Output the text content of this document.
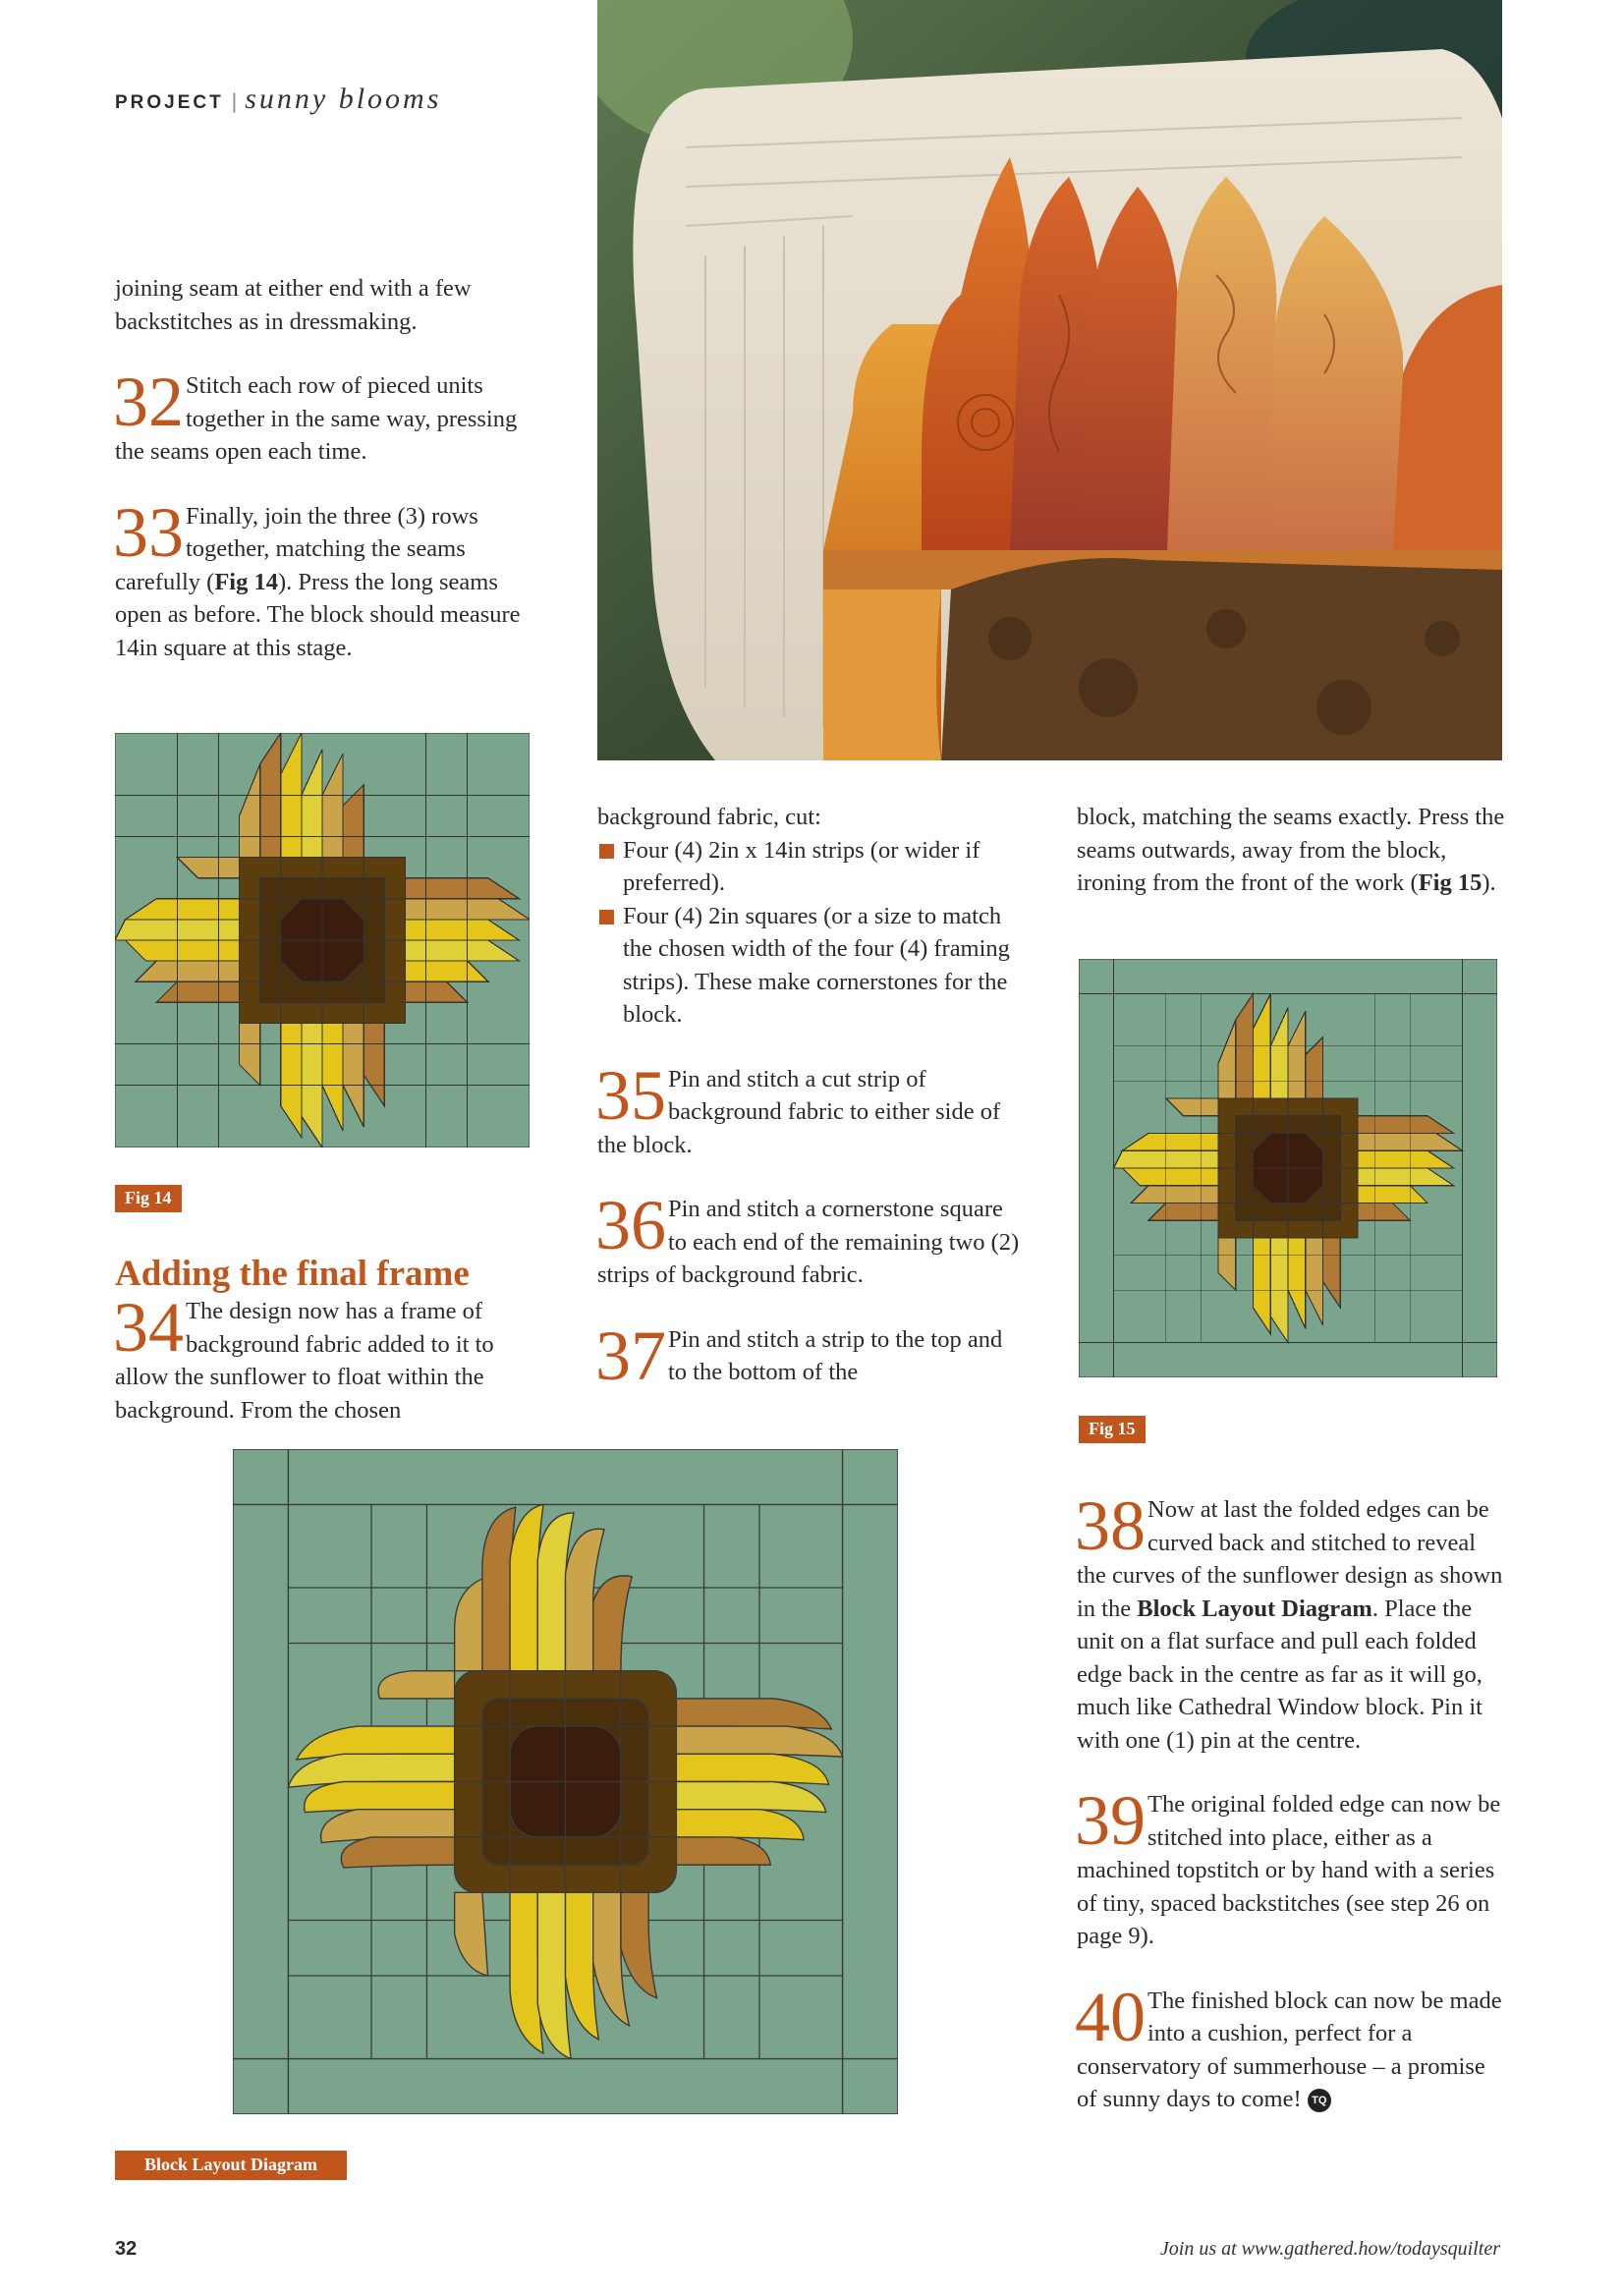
PROJECT | sunny blooms

joining seam at either end with a few backstitches as in dressmaking.

32 Stitch each row of pieced units together in the same way, pressing the seams open each time.

33 Finally, join the three (3) rows together, matching the seams carefully (Fig 14). Press the long seams open as before. The block should measure 14in square at this stage.

Fig 14
Adding the final frame
34 The design now has a frame of background fabric added to it to allow the sunflower to float within the background. From the chosen

background fabric, cut:

Four (4) 2in x 14in strips (or wider if preferred).
Four (4) 2in squares (or a size to match the chosen width of the four (4) framing strips). These make cornerstones for the block.
35 Pin and stitch a cut strip of background fabric to either side of the block.

36 Pin and stitch a cornerstone square to each end of the remaining two (2) strips of background fabric.

37 Pin and stitch a strip to the top and to the bottom of the

block, matching the seams exactly. Press the seams outwards, away from the block, ironing from the front of the work (Fig 15).

Fig 15
38 Now at last the folded edges can be curved back and stitched to reveal the curves of the sunflower design as shown in the Block Layout Diagram. Place the unit on a flat surface and pull each folded edge back in the centre as far as it will go, much like Cathedral Window block. Pin it with one (1) pin at the centre.

39 The original folded edge can now be stitched into place, either as a machined topstitch or by hand with a series of tiny, spaced backstitches (see step 26 on page 9).

40 The finished block can now be made into a cushion, perfect for a conservatory of summerhouse – a promise of sunny days to come! TQ

Block Layout Diagram
32	Join us at www.gathered.how/todaysquilter
